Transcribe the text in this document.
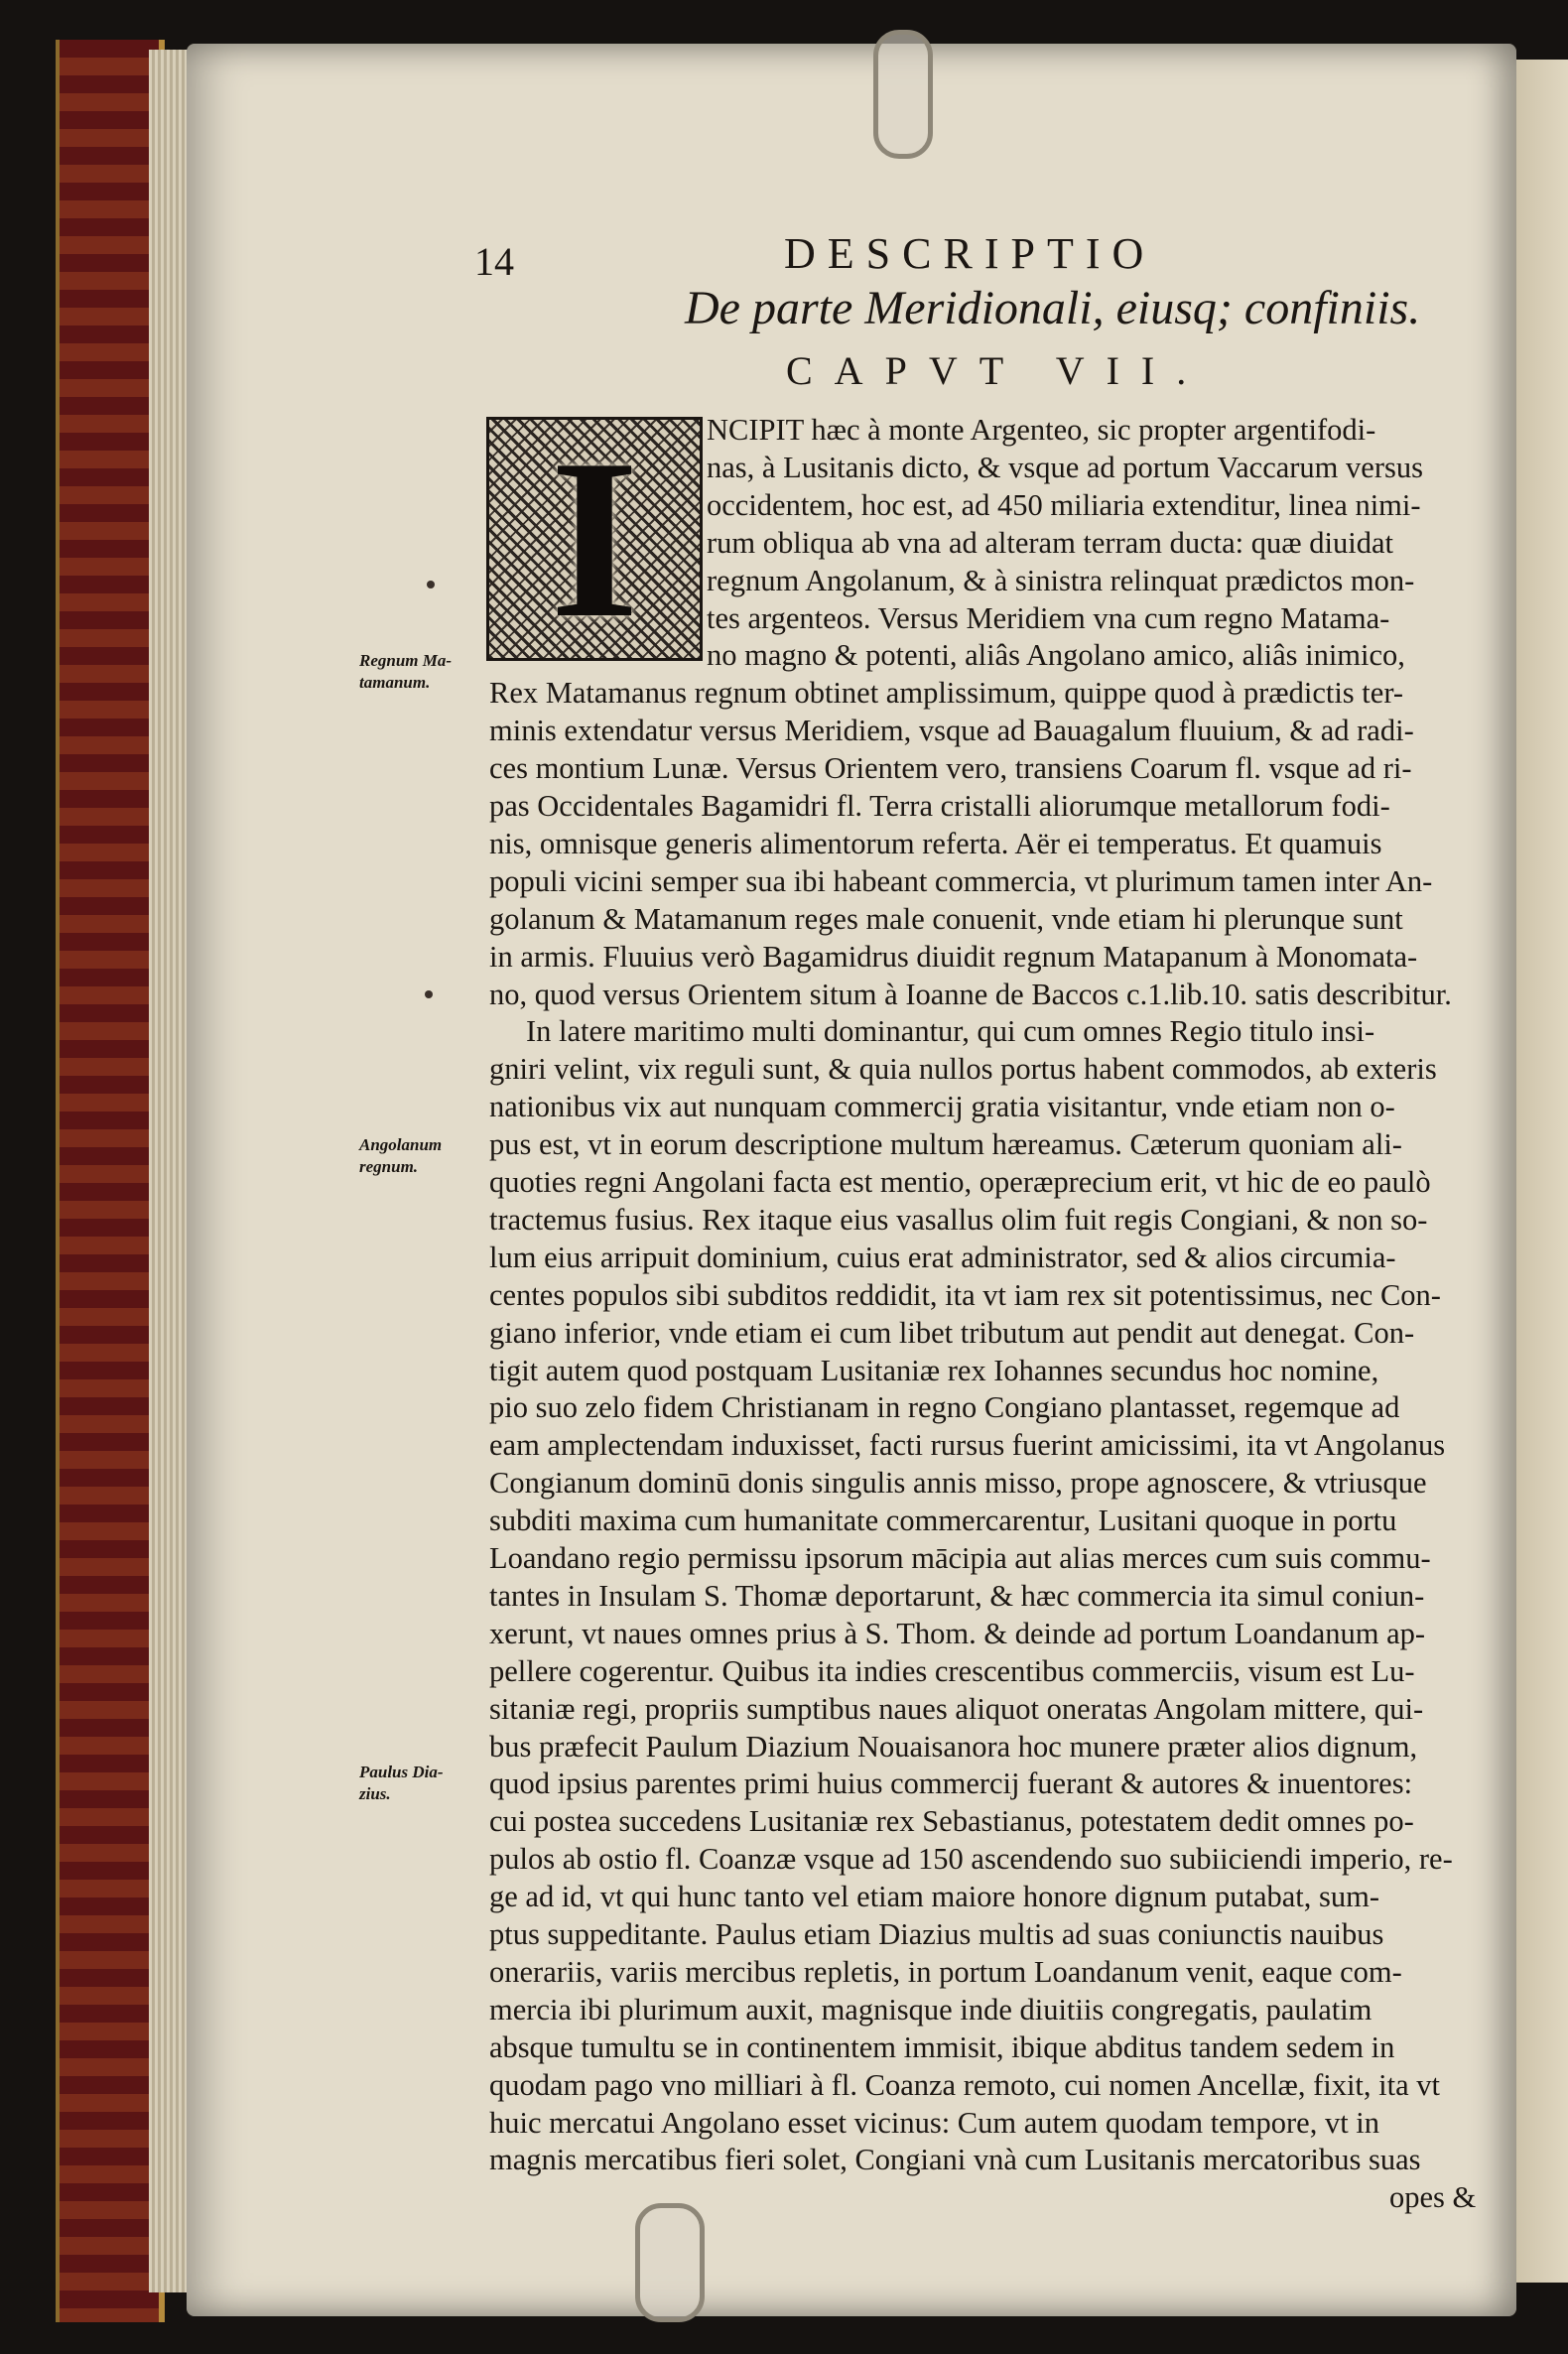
14	DESCRIPTIO
De parte Meridionali, eiusq; confiniis.
CAPVT VII.
I NCIPIT hæc à monte Argenteo, sic propter argentifodi-
nas, à Lusitanis dicto, & vsque ad portum Vaccarum versus
occidentem, hoc est, ad 450 miliaria extenditur, linea nimi-
rum obliqua ab vna ad alteram terram ducta: quæ diuidat
regnum Angolanum, & à sinistra relinquat prædictos mon-
tes argenteos. Versus Meridiem vna cum regno Matama-
no magno & potenti, aliâs Angolano amico, aliâs inimico,
Rex Matamanus regnum obtinet amplissimum, quippe quod à prædictis ter-
minis extendatur versus Meridiem, vsque ad Bauagalum fluuium, & ad radi-
ces montium Lunæ. Versus Orientem vero, transiens Coarum fl. vsque ad ri-
pas Occidentales Bagamidri fl. Terra cristalli aliorumque metallorum fodi-
nis, omnisque generis alimentorum referta. Aër ei temperatus. Et quamuis
populi vicini semper sua ibi habeant commercia, vt plurimum tamen inter An-
golanum & Matamanum reges male conuenit, vnde etiam hi plerunque sunt
in armis. Fluuius verò Bagamidrus diuidit regnum Matapanum à Monomata-
no, quod versus Orientem situm à Ioanne de Baccos c.1.lib.10. satis describitur.
In latere maritimo multi dominantur, qui cum omnes Regio titulo insi-
gniri velint, vix reguli sunt, & quia nullos portus habent commodos, ab exteris
nationibus vix aut nunquam commercij gratia visitantur, vnde etiam non o-
pus est, vt in eorum descriptione multum hæreamus. Cæterum quoniam ali-
quoties regni Angolani facta est mentio, operæprecium erit, vt hic de eo paulò
tractemus fusius. Rex itaque eius vasallus olim fuit regis Congiani, & non so-
lum eius arripuit dominium, cuius erat administrator, sed & alios circumia-
centes populos sibi subditos reddidit, ita vt iam rex sit potentissimus, nec Con-
giano inferior, vnde etiam ei cum libet tributum aut pendit aut denegat. Con-
tigit autem quod postquam Lusitaniæ rex Iohannes secundus hoc nomine,
pio suo zelo fidem Christianam in regno Congiano plantasset, regemque ad
eam amplectendam induxisset, facti rursus fuerint amicissimi, ita vt Angolanus
Congianum dominū donis singulis annis misso, prope agnoscere, & vtriusque
subditi maxima cum humanitate commercarentur, Lusitani quoque in portu
Loandano regio permissu ipsorum mācipia aut alias merces cum suis commu-
tantes in Insulam S. Thomæ deportarunt, & hæc commercia ita simul coniun-
xerunt, vt naues omnes prius à S. Thom. & deinde ad portum Loandanum ap-
pellere cogerentur. Quibus ita indies crescentibus commerciis, visum est Lu-
sitaniæ regi, propriis sumptibus naues aliquot oneratas Angolam mittere, qui-
bus præfecit Paulum Diazium Nouaisanora hoc munere præter alios dignum,
quod ipsius parentes primi huius commercij fuerant & autores & inuentores:
cui postea succedens Lusitaniæ rex Sebastianus, potestatem dedit omnes po-
pulos ab ostio fl. Coanzæ vsque ad 150 ascendendo suo subiiciendi imperio, re-
ge ad id, vt qui hunc tanto vel etiam maiore honore dignum putabat, sum-
ptus suppeditante. Paulus etiam Diazius multis ad suas coniunctis nauibus
onerariis, variis mercibus repletis, in portum Loandanum venit, eaque com-
mercia ibi plurimum auxit, magnisque inde diuitiis congregatis, paulatim
absque tumultu se in continentem immisit, ibique abditus tandem sedem in
quodam pago vno milliari à fl. Coanza remoto, cui nomen Ancellæ, fixit, ita vt
huic mercatui Angolano esset vicinus: Cum autem quodam tempore, vt in
magnis mercatibus fieri solet, Congiani vnà cum Lusitanis mercatoribus suas
opes &
Regnum Ma-
tamanum.
Angolanum
regnum.
Paulus Dia-
zius.
